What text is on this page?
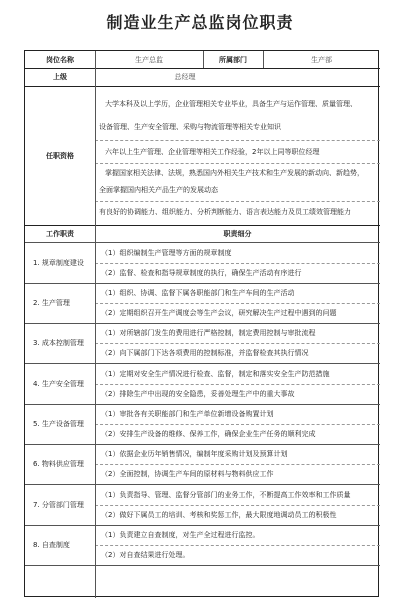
制造业生产总监岗位职责
岗位名称	生产总监	所属部门	生产部
上级	总经理
任职资格
大学本科及以上学历，企业管理相关专业毕业，具备生产与运作管理、质量管理、
设备管理、生产安全管理、采购与物流管理等相关专业知识
六年以上生产管理、企业管理等相关工作经验，2年以上同等职位经理
掌握国家相关法律、法规，熟悉国内外相关生产技术和生产发展的新动向、新趋势，
全面掌握国内相关产品生产的发展动态
有良好的协调能力、组织能力、分析判断能力、语言表达能力及员工绩效管理能力
工作职责	职责细分
1. 规章制度建设
（1）组织编制生产管理等方面的规章制度
（2）监督、检查和指导规章制度的执行，确保生产活动有序进行
2. 生产管理
（1）组织、协调、监督下属各职能部门和生产车间的生产活动
（2）定期组织召开生产调度会等生产会议，研究解决生产过程中遇到的问题
3. 成本控制管理
（1）对所辖部门发生的费用进行严格控制，制定费用控制与审批流程
（2）向下属部门下达各项费用的控制标准，并监督检查其执行情况
4. 生产安全管理
（1）定期对安全生产情况进行检查、监督，制定和落实安全生产防范措施
（2）排除生产中出现的安全隐患，妥善处理生产中的重大事故
5. 生产设备管理
（1）审批各有关职能部门和生产单位新增设备购置计划
（2）安排生产设备的维修、保养工作，确保企业生产任务的顺利完成
6. 物料供应管理
（1）依据企业历年销售情况，编制年度采购计划及预算计划
（2）全面控制，协调生产车间的原材料与物料供应工作
7. 分管部门管理
（1）负责指导、管理、监督分管部门的业务工作，不断提高工作效率和工作质量
（2）做好下属员工的培训、考核和奖惩工作，最大限度地调动员工的积极性
8. 自查制度
（1）负责建立自查制度，对生产全过程进行监控。
（2）对自查结果进行处理。
